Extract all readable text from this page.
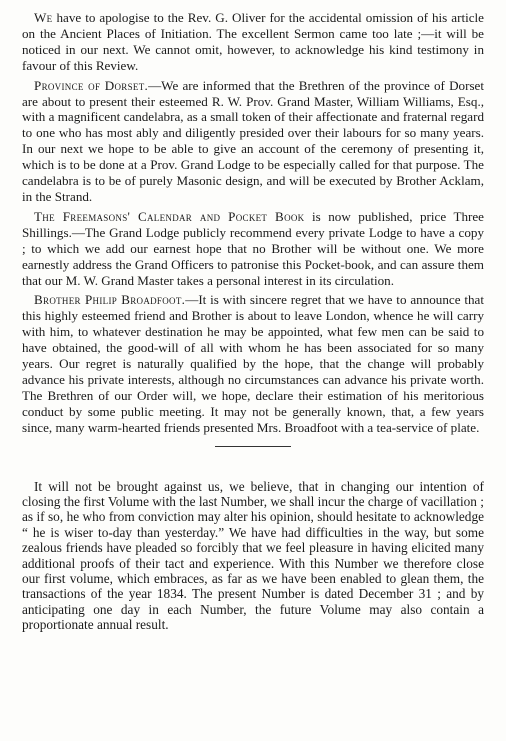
We have to apologise to the Rev. G. Oliver for the accidental omission of his article on the Ancient Places of Initiation. The excellent Sermon came too late ;—it will be noticed in our next. We cannot omit, however, to acknowledge his kind testimony in favour of this Review.

Province of Dorset.—We are informed that the Brethren of the province of Dorset are about to present their esteemed R. W. Prov. Grand Master, William Williams, Esq., with a magnificent candelabra, as a small token of their affectionate and fraternal regard to one who has most ably and diligently presided over their labours for so many years. In our next we hope to be able to give an account of the ceremony of presenting it, which is to be done at a Prov. Grand Lodge to be especially called for that purpose. The candelabra is to be of purely Masonic design, and will be executed by Brother Acklam, in the Strand.

The Freemasons' Calendar and Pocket Book is now published, price Three Shillings.—The Grand Lodge publicly recommend every private Lodge to have a copy ; to which we add our earnest hope that no Brother will be without one. We more earnestly address the Grand Officers to patronise this Pocket-book, and can assure them that our M. W. Grand Master takes a personal interest in its circulation.

Brother Philip Broadfoot.—It is with sincere regret that we have to announce that this highly esteemed friend and Brother is about to leave London, whence he will carry with him, to whatever destination he may be appointed, what few men can be said to have obtained, the good-will of all with whom he has been associated for so many years. Our regret is naturally qualified by the hope, that the change will probably advance his private interests, although no circumstances can advance his private worth. The Brethren of our Order will, we hope, declare their estimation of his meritorious conduct by some public meeting. It may not be generally known, that, a few years since, many warm-hearted friends presented Mrs. Broadfoot with a tea-service of plate.

It will not be brought against us, we believe, that in changing our intention of closing the first Volume with the last Number, we shall incur the charge of vacillation ; as if so, he who from conviction may alter his opinion, should hesitate to acknowledge “ he is wiser to-day than yesterday.” We have had difficulties in the way, but some zealous friends have pleaded so forcibly that we feel pleasure in having elicited many additional proofs of their tact and experience. With this Number we therefore close our first volume, which embraces, as far as we have been enabled to glean them, the transactions of the year 1834. The present Number is dated December 31 ; and by anticipating one day in each Number, the future Volume may also contain a proportionate annual result.
